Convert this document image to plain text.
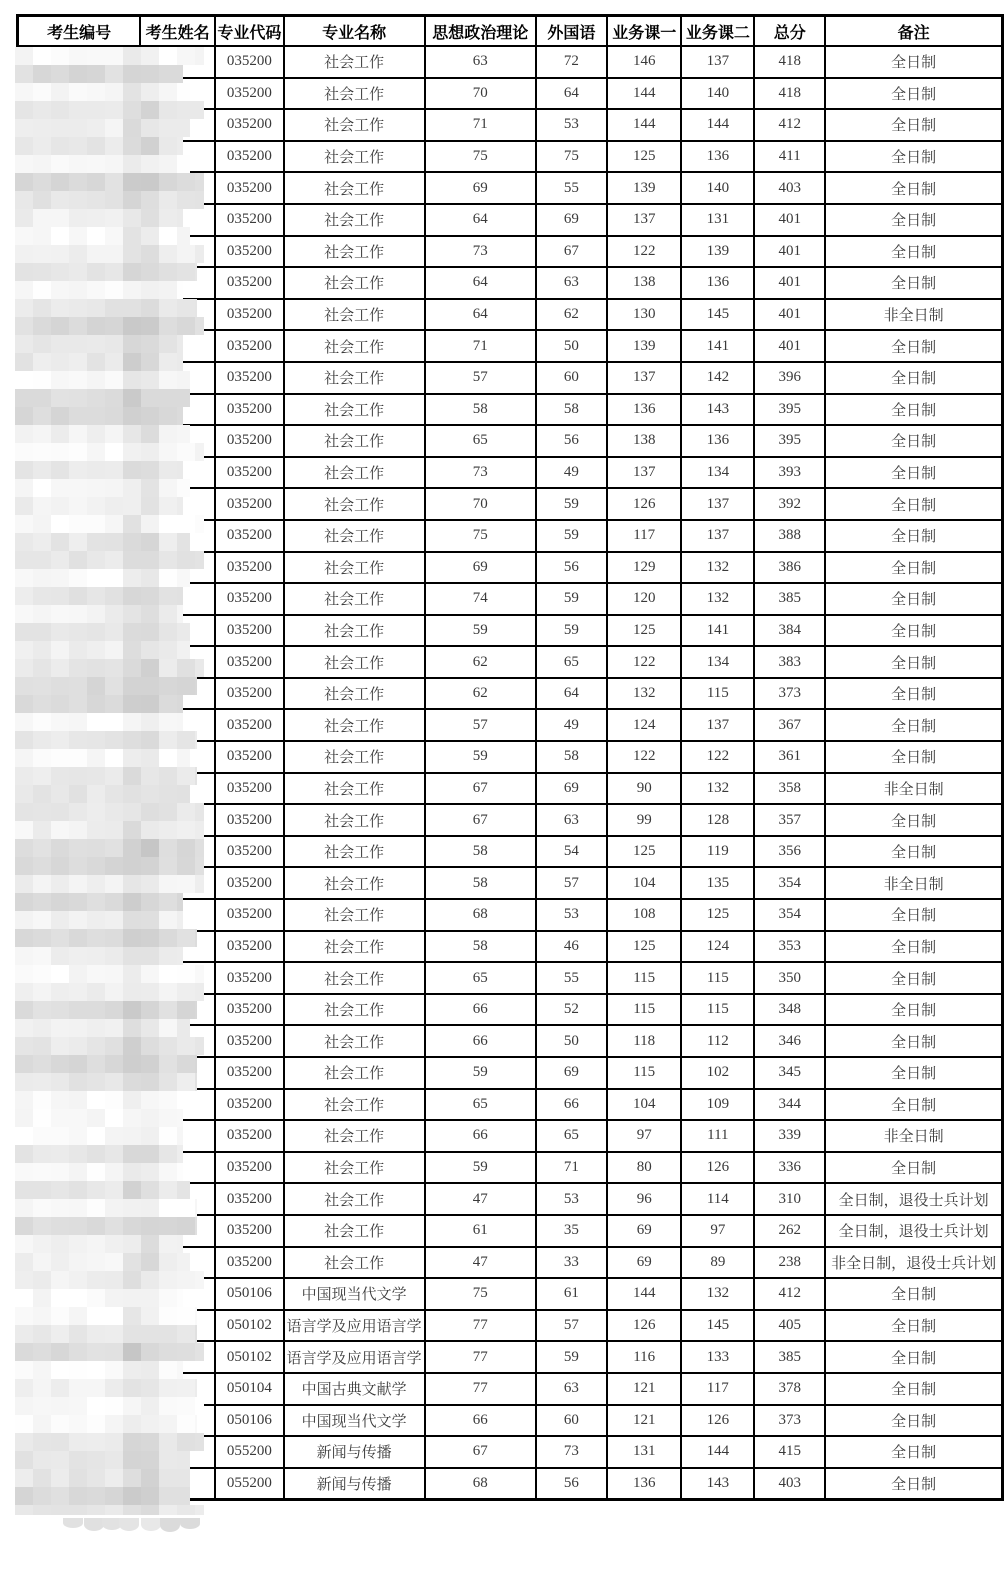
考生编号	考生姓名	专业代码	专业名称	思想政治理论	外国语	业务课一	业务课二	总分	备注
		035200	社会工作	63	72	146	137	418	全日制
		035200	社会工作	70	64	144	140	418	全日制
		035200	社会工作	71	53	144	144	412	全日制
		035200	社会工作	75	75	125	136	411	全日制
		035200	社会工作	69	55	139	140	403	全日制
		035200	社会工作	64	69	137	131	401	全日制
		035200	社会工作	73	67	122	139	401	全日制
		035200	社会工作	64	63	138	136	401	全日制
		035200	社会工作	64	62	130	145	401	非全日制
		035200	社会工作	71	50	139	141	401	全日制
		035200	社会工作	57	60	137	142	396	全日制
		035200	社会工作	58	58	136	143	395	全日制
		035200	社会工作	65	56	138	136	395	全日制
		035200	社会工作	73	49	137	134	393	全日制
		035200	社会工作	70	59	126	137	392	全日制
		035200	社会工作	75	59	117	137	388	全日制
		035200	社会工作	69	56	129	132	386	全日制
		035200	社会工作	74	59	120	132	385	全日制
		035200	社会工作	59	59	125	141	384	全日制
		035200	社会工作	62	65	122	134	383	全日制
		035200	社会工作	62	64	132	115	373	全日制
		035200	社会工作	57	49	124	137	367	全日制
		035200	社会工作	59	58	122	122	361	全日制
		035200	社会工作	67	69	90	132	358	非全日制
		035200	社会工作	67	63	99	128	357	全日制
		035200	社会工作	58	54	125	119	356	全日制
		035200	社会工作	58	57	104	135	354	非全日制
		035200	社会工作	68	53	108	125	354	全日制
		035200	社会工作	58	46	125	124	353	全日制
		035200	社会工作	65	55	115	115	350	全日制
		035200	社会工作	66	52	115	115	348	全日制
		035200	社会工作	66	50	118	112	346	全日制
		035200	社会工作	59	69	115	102	345	全日制
		035200	社会工作	65	66	104	109	344	全日制
		035200	社会工作	66	65	97	111	339	非全日制
		035200	社会工作	59	71	80	126	336	全日制
		035200	社会工作	47	53	96	114	310	全日制，退役士兵计划
		035200	社会工作	61	35	69	97	262	全日制，退役士兵计划
		035200	社会工作	47	33	69	89	238	非全日制，退役士兵计划
		050106	中国现当代文学	75	61	144	132	412	全日制
		050102	语言学及应用语言学	77	57	126	145	405	全日制
		050102	语言学及应用语言学	77	59	116	133	385	全日制
		050104	中国古典文献学	77	63	121	117	378	全日制
		050106	中国现当代文学	66	60	121	126	373	全日制
		055200	新闻与传播	67	73	131	144	415	全日制
		055200	新闻与传播	68	56	136	143	403	全日制
